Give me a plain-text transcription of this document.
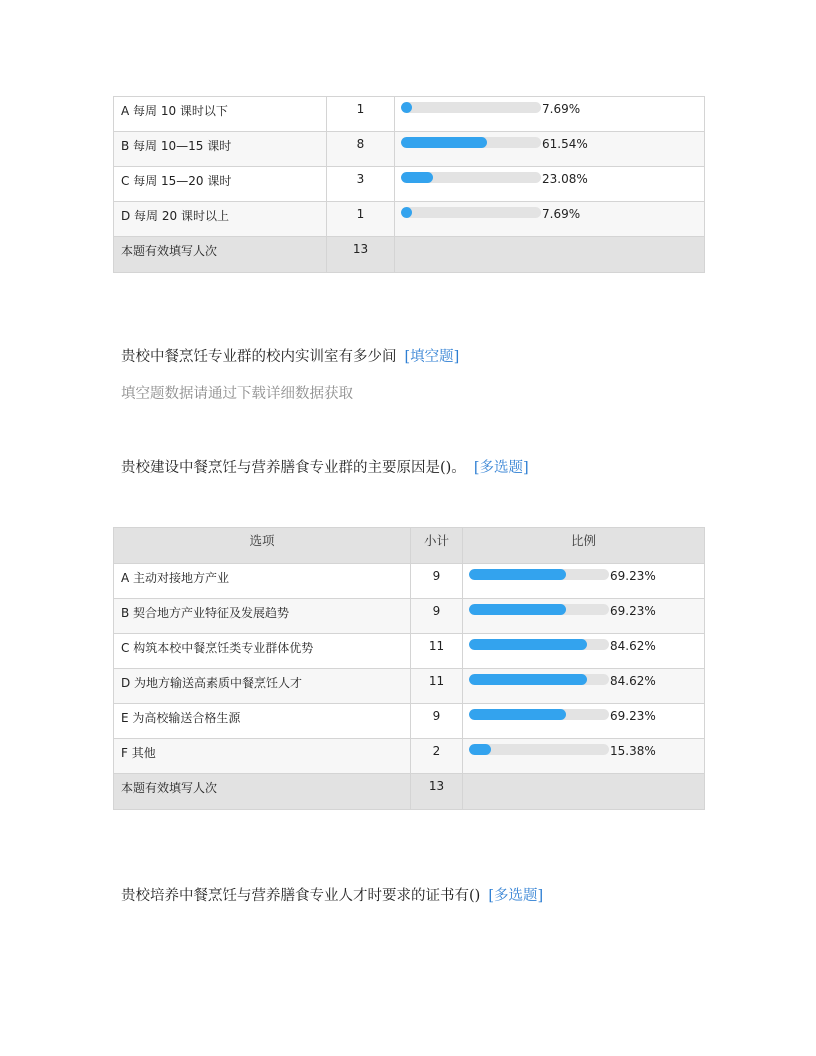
A 每周 10 课时以下	1	7.69%

B 每周 10—15 课时	8	61.54%

C 每周 15—20 课时	3	23.08%

D 每周 20 课时以上	1	7.69%

本题有效填写人次	13	
贵校中餐烹饪专业群的校内实训室有多少间 [填空题]
填空题数据请通过下载详细数据获取
贵校建设中餐烹饪与营养膳食专业群的主要原因是()。 [多选题]
选项	小计	比例
A 主动对接地方产业	9	69.23%

B 契合地方产业特征及发展趋势	9	69.23%

C 构筑本校中餐烹饪类专业群体优势	11	84.62%

D 为地方输送高素质中餐烹饪人才	11	84.62%

E 为高校输送合格生源	9	69.23%

F 其他	2	15.38%

本题有效填写人次	13	
贵校培养中餐烹饪与营养膳食专业人才时要求的证书有() [多选题]
